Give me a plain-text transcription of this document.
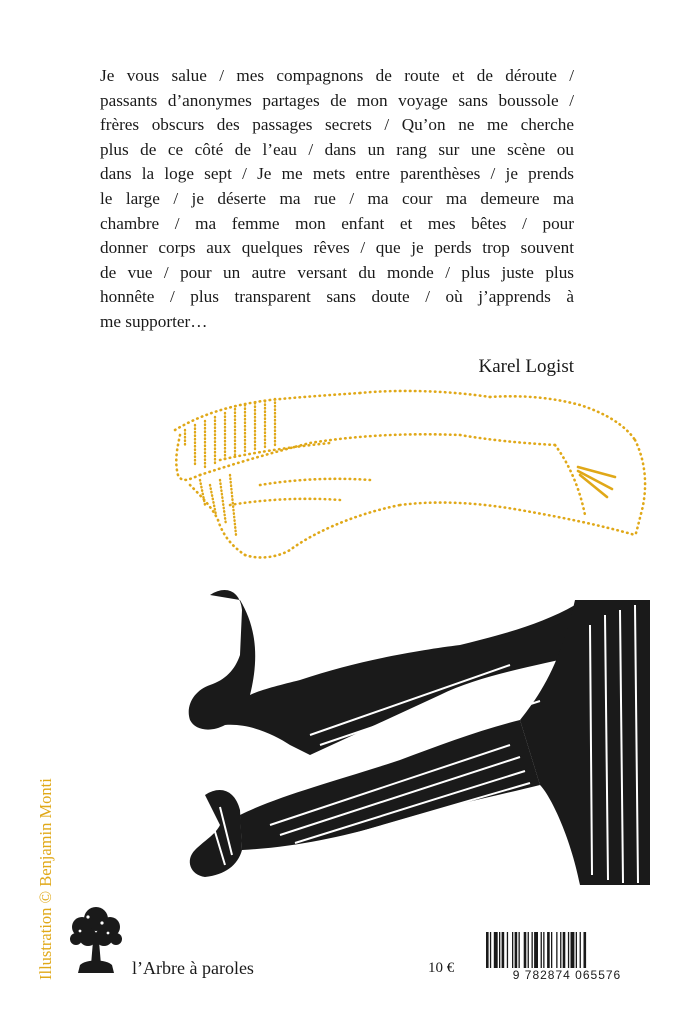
Je vous salue / mes compagnons de route et de déroute /
passants d’anonymes partages de mon voyage sans boussole /
frères obscurs des passages secrets / Qu’on ne me cherche
plus de ce côté de l’eau / dans un rang sur une scène ou
dans la loge sept / Je me mets entre parenthèses / je prends
le large / je déserte ma rue / ma cour ma demeure ma
chambre / ma femme mon enfant et mes bêtes / pour
donner corps aux quelques rêves / que je perds trop souvent
de vue / pour un autre versant du monde / plus juste plus
honnête / plus transparent sans doute / où j’apprends à
me supporter…
Karel Logist
Illustration © Benjamin Monti	l’Arbre à paroles	10 €	9 782874 065576
